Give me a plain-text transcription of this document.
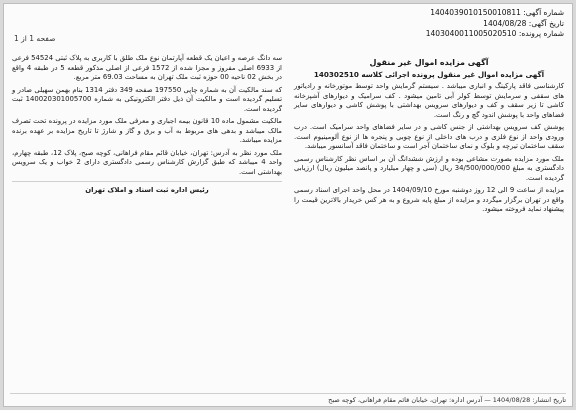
شماره آگهی: 1404039010150010811
تاریخ آگهی: 1404/08/28
شماره پرونده: 1403040011005020510
صفحه 1 از 1
آگهی مزایده اموال غیر منقول
آگهی مزایده اموال غیر منقول پرونده اجرائی کلاسه 140302510

کارشناسی فاقد پارکینگ و انباری میباشد . سیستم گرمایش واحد توسط موتورخانه و رادیاتور های سقفی و سرمایش توسط کولر آبی تامین میشود . کف سرامیک و دیوارهای آشپزخانه کاشی تا زیر سقف و کف و دیوارهای سرویس بهداشتی با پوشش کاشی و دیوارهای سایر فضاهای واحد با پوشش اندود گچ و رنگ است.

پوشش کف سرویس بهداشتی از جنس کاشی و در سایر فضاهای واحد سرامیک است. درب ورودی واحد از نوع فلزی و درب های داخلی از نوع چوبی و پنجره ها از نوع آلومینیوم است. سقف ساختمان تیرچه و بلوک و نمای ساختمان آجر است و ساختمان فاقد آسانسور میباشد.

ملک مورد مزایده بصورت مشاعی بوده و ارزش ششدانگ آن بر اساس نظر کارشناس رسمی دادگستری به مبلغ 34/500/000/000 ریال (سی و چهار میلیارد و پانصد میلیون ریال) ارزیابی گردیده است.

مزایده از ساعت 9 الی 12 روز دوشنبه مورخ 1404/09/10 در محل واحد اجرای اسناد رسمی واقع در تهران برگزار میگردد و مزایده از مبلغ پایه شروع و به هر کس خریدار بالاترین قیمت را پیشنهاد نماید فروخته میشود.

سه دانگ عرصه و اعیان یک قطعه آپارتمان نوع ملک طلق با کاربری به پلاک ثبتی 54524 فرعی از 6933 اصلی مفروز و مجزا شده از 1572 فرعی از اصلی مذکور قطعه 5 در طبقه 4 واقع در بخش 02 ناحیه 00 حوزه ثبت ملک تهران به مساحت 69.03 متر مربع.

که سند مالکیت آن به شماره چاپی 197550 صفحه 349 دفتر 1314 بنام بهمن سهیلی صادر و تسلیم گردیده است و مالکیت آن ذیل دفتر الکترونیکی به شماره 140020301005700 ثبت گردیده است.

مالکیت مشمول ماده 10 قانون بیمه اجباری و معرفی ملک مورد مزایده در پرونده تحت تصرف مالک میباشد و بدهی های مربوط به آب و برق و گاز و شارژ تا تاریخ مزایده بر عهده برنده مزایده میباشد.

ملک مورد نظر به آدرس: تهران، خیابان قائم مقام فراهانی، کوچه صبح، پلاک 12، طبقه چهارم، واحد 4 میباشد که طبق گزارش کارشناس رسمی دادگستری دارای 2 خواب و یک سرویس بهداشتی است.

رئیس اداره ثبت اسناد و املاک تهران

تاریخ انتشار: 1404/08/28 — آدرس اداره: تهران، خیابان قائم مقام فراهانی، کوچه صبح
